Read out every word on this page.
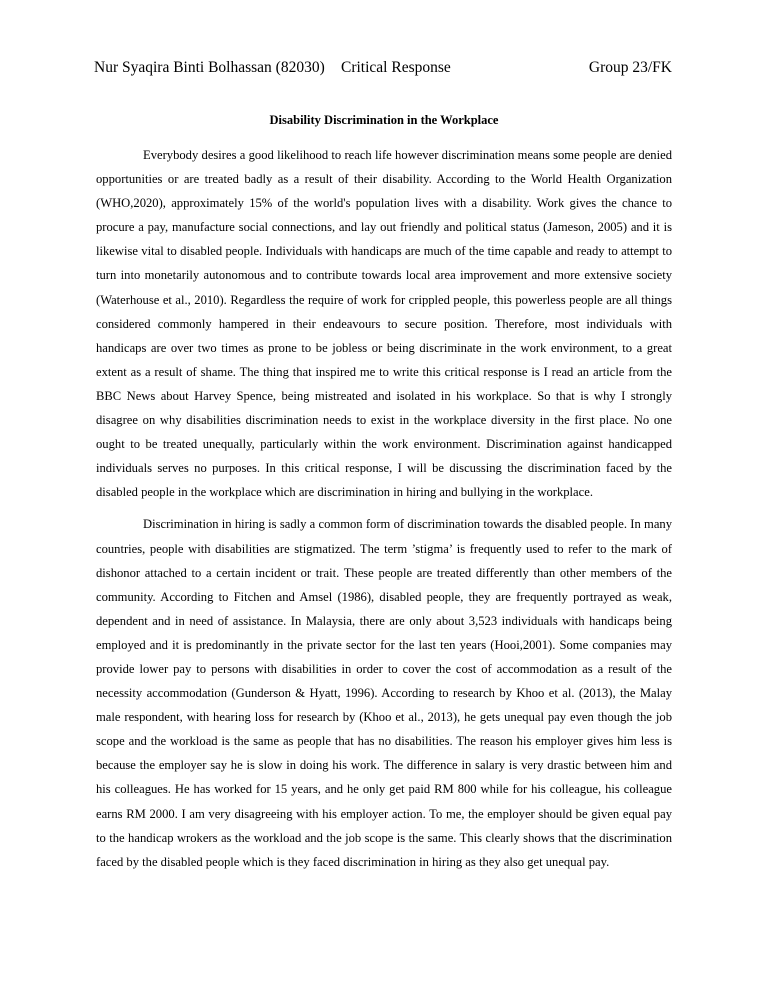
Nur Syaqira Binti Bolhassan (82030) Critical Response	Group 23/FK
Disability Discrimination in the Workplace

Everybody desires a good likelihood to reach life however discrimination means some people are denied opportunities or are treated badly as a result of their disability. According to the World Health Organization (WHO,2020), approximately 15% of the world's population lives with a disability. Work gives the chance to procure a pay, manufacture social connections, and lay out friendly and political status (Jameson, 2005) and it is likewise vital to disabled people. Individuals with handicaps are much of the time capable and ready to attempt to turn into monetarily autonomous and to contribute towards local area improvement and more extensive society (Waterhouse et al., 2010). Regardless the require of work for crippled people, this powerless people are all things considered commonly hampered in their endeavours to secure position. Therefore, most individuals with handicaps are over two times as prone to be jobless or being discriminate in the work environment, to a great extent as a result of shame. The thing that inspired me to write this critical response is I read an article from the BBC News about Harvey Spence, being mistreated and isolated in his workplace. So that is why I strongly disagree on why disabilities discrimination needs to exist in the workplace diversity in the first place. No one ought to be treated unequally, particularly within the work environment. Discrimination against handicapped individuals serves no purposes. In this critical response, I will be discussing the discrimination faced by the disabled people in the workplace which are discrimination in hiring and bullying in the workplace.

Discrimination in hiring is sadly a common form of discrimination towards the disabled people. In many countries, people with disabilities are stigmatized. The term ’stigma’ is frequently used to refer to the mark of dishonor attached to a certain incident or trait. These people are treated differently than other members of the community. According to Fitchen and Amsel (1986), disabled people, they are frequently portrayed as weak, dependent and in need of assistance. In Malaysia, there are only about 3,523 individuals with handicaps being employed and it is predominantly in the private sector for the last ten years (Hooi,2001). Some companies may provide lower pay to persons with disabilities in order to cover the cost of accommodation as a result of the necessity accommodation (Gunderson & Hyatt, 1996). According to research by Khoo et al. (2013), the Malay male respondent, with hearing loss for research by (Khoo et al., 2013), he gets unequal pay even though the job scope and the workload is the same as people that has no disabilities. The reason his employer gives him less is because the employer say he is slow in doing his work. The difference in salary is very drastic between him and his colleagues. He has worked for 15 years, and he only get paid RM 800 while for his colleague, his colleague earns RM 2000. I am very disagreeing with his employer action. To me, the employer should be given equal pay to the handicap wrokers as the workload and the job scope is the same. This clearly shows that the discrimination faced by the disabled people which is they faced discrimination in hiring as they also get unequal pay.
